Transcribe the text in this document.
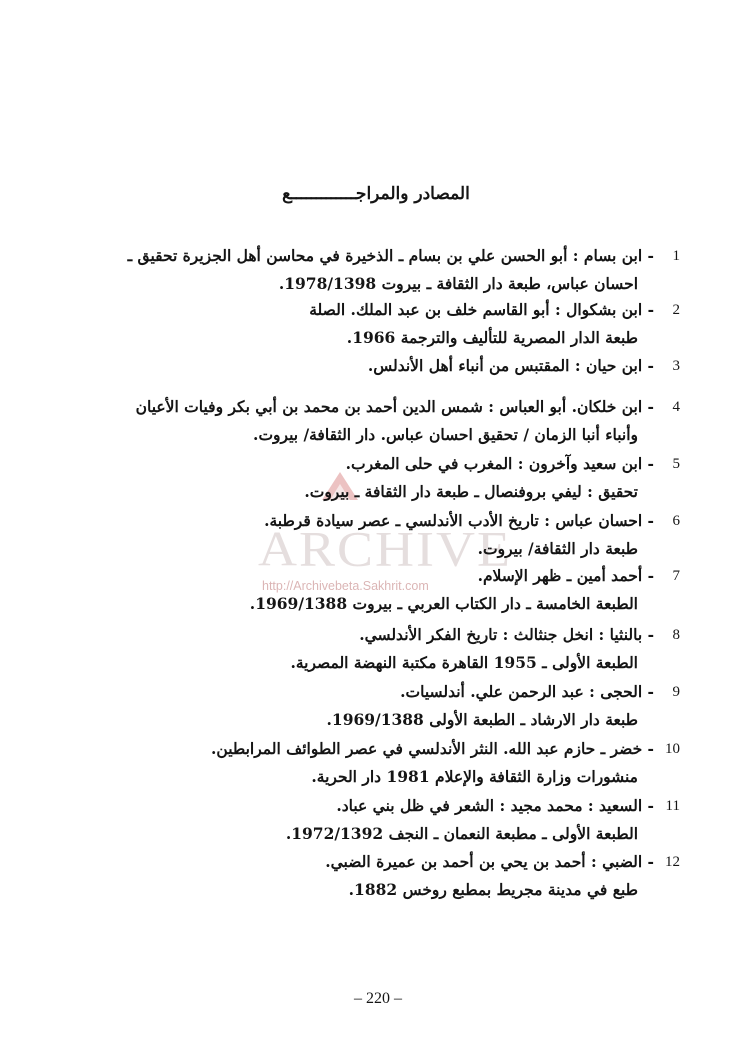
المصادر والمراجـــــــــــــع
ARCHIVE
http://Archivebeta.Sakhrit.com
1
- ابن بسام : أبو الحسن علي بن بسام ـ الذخيرة في محاسن أهل الجزيرة تحقيق ـ
احسان عباس، طبعة دار الثقافة ـ بيروت 1978/1398.
2
- ابن بشكوال : أبو القاسم خلف بن عبد الملك. الصلة
طبعة الدار المصرية للتأليف والترجمة 1966.
3
- ابن حيان : المقتبس من أنباء أهل الأندلس.
4
- ابن خلكان. أبو العباس : شمس الدين أحمد بن محمد بن أبي بكر وفيات الأعيان
وأنباء أنبا الزمان / تحقيق احسان عباس. دار الثقافة/ بيروت.
5
- ابن سعيد وآخرون : المغرب في حلى المغرب.
تحقيق : ليفي بروفنصال ـ طبعة دار الثقافة ـ بيروت.
6
- احسان عباس : تاريخ الأدب الأندلسي ـ عصر سيادة قرطبة.
طبعة دار الثقافة/ بيروت.
7
- أحمد أمين ـ ظهر الإسلام.
الطبعة الخامسة ـ دار الكتاب العربي ـ بيروت 1969/1388.
8
- بالنثيا : انخل جنثالث : تاريخ الفكر الأندلسي.
الطبعة الأولى ـ 1955 القاهرة مكتبة النهضة المصرية.
9
- الحجى : عبد الرحمن علي. أندلسيات.
طبعة دار الارشاد ـ الطبعة الأولى 1969/1388.
10
- خضر ـ حازم عبد الله. النثر الأندلسي في عصر الطوائف المرابطين.
منشورات وزارة الثقافة والإعلام 1981 دار الحرية.
11
- السعيد : محمد مجيد : الشعر في ظل بني عباد.
الطبعة الأولى ـ مطبعة النعمان ـ النجف 1972/1392.
12
- الضبي : أحمد بن يحي بن أحمد بن عميرة الضبي.
طبع في مدينة مجريط بمطبع روخس 1882.
– 220 –
